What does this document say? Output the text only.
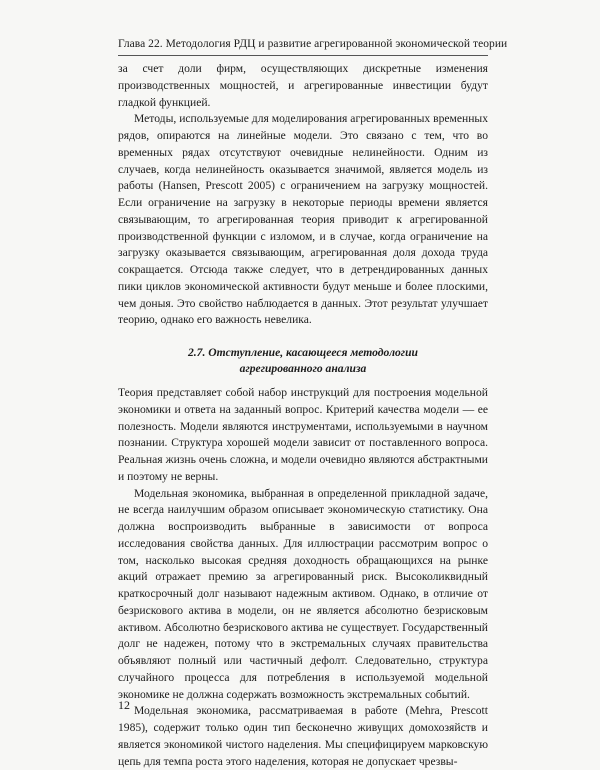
Глава 22. Методология РДЦ и развитие агрегированной экономической теории

за счет доли фирм, осуществляющих дискретные изменения производственных мощностей, и агрегированные инвестиции будут гладкой функцией.

Методы, используемые для моделирования агрегированных временных рядов, опираются на линейные модели. Это связано с тем, что во временных рядах отсутствуют очевидные нелинейности. Одним из случаев, когда нелинейность оказывается значимой, является модель из работы (Hansen, Prescott 2005) с ограничением на загрузку мощностей. Если ограничение на загрузку в некоторые периоды времени является связывающим, то агрегированная теория приводит к агрегированной производственной функции с изломом, и в случае, когда ограничение на загрузку оказывается связывающим, агрегированная доля дохода труда сокращается. Отсюда также следует, что в детрендированных данных пики циклов экономической активности будут меньше и более плоскими, чем доныя. Это свойство наблюдается в данных. Этот результат улучшает теорию, однако его важность невелика.

2.7. Отступление, касающееся методологии
агрегированного анализа

Теория представляет собой набор инструкций для построения модельной экономики и ответа на заданный вопрос. Критерий качества модели — ее полезность. Модели являются инструментами, используемыми в научном познании. Структура хорошей модели зависит от поставленного вопроса. Реальная жизнь очень сложна, и модели очевидно являются абстрактными и поэтому не верны.

Модельная экономика, выбранная в определенной прикладной задаче, не всегда наилучшим образом описывает экономическую статистику. Она должна воспроизводить выбранные в зависимости от вопроса исследования свойства данных. Для иллюстрации рассмотрим вопрос о том, насколько высокая средняя доходность обращающихся на рынке акций отражает премию за агрегированный риск. Высоколиквидный краткосрочный долг называют надежным активом. Однако, в отличие от безрискового актива в модели, он не является абсолютно безрисковым активом. Абсолютно безрискового актива не существует. Государственный долг не надежен, потому что в экстремальных случаях правительства объявляют полный или частичный дефолт. Следовательно, структура случайного процесса для потребления в используемой модельной экономике не должна содержать возможность экстремальных событий.

Модельная экономика, рассматриваемая в работе (Mehra, Prescott 1985), содержит только один тип бесконечно живущих домохозяйств и является экономикой чистого наделения. Мы специфицируем марковскую цепь для темпа роста этого наделения, которая не допускает чрезвы-

12
